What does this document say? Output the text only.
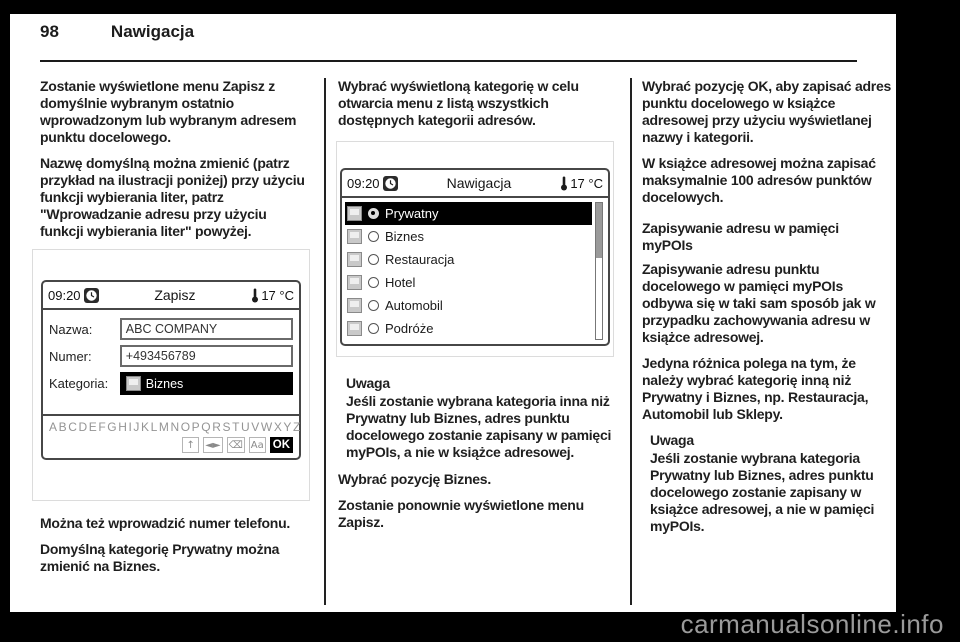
98	Nawigacja

Zostanie wyświetlone menu Zapisz z domyślnie wybranym ostatnio wprowadzonym lub wybranym adresem punktu docelowego.

Nazwę domyślną można zmienić (patrz przykład na ilustracji poniżej) przy użyciu funkcji wybierania liter, patrz "Wprowadzanie adresu przy użyciu funkcji wybierania liter" powyżej.

09:20	Zapisz	17 °C
Nazwa:	ABC COMPANY
Numer:	+493456789
Kategoria:	Biznes
ABCDEFGHIJKLMNOPQRSTUVWXYZ
↑	◄► ⌫ Aa OK

Można też wprowadzić numer telefonu.

Domyślną kategorię Prywatny można zmienić na Biznes.

Wybrać wyświetloną kategorię w celu otwarcia menu z listą wszystkich dostępnych kategorii adresów.

09:20	Nawigacja	17 °C
Prywatny
Biznes
Restauracja
Hotel
Automobil
Podróże

Uwaga

Jeśli zostanie wybrana kategoria inna niż Prywatny lub Biznes, adres punktu docelowego zostanie zapisany w pamięci myPOIs, a nie w książce adresowej.

Wybrać pozycję Biznes.

Zostanie ponownie wyświetlone menu Zapisz.

Wybrać pozycję OK, aby zapisać adres punktu docelowego w książce adresowej przy użyciu wyświetlanej nazwy i kategorii.

W książce adresowej można zapisać maksymalnie 100 adresów punktów docelowych.

Zapisywanie adresu w pamięci myPOIs

Zapisywanie adresu punktu docelowego w pamięci myPOIs odbywa się w taki sam sposób jak w przypadku zachowywania adresu w książce adresowej.

Jedyna różnica polega na tym, że należy wybrać kategorię inną niż Prywatny i Biznes, np. Restauracja, Automobil lub Sklepy.

Uwaga

Jeśli zostanie wybrana kategoria Prywatny lub Biznes, adres punktu docelowego zostanie zapisany w książce adresowej, a nie w pamięci myPOIs.

carmanualsonline.info
